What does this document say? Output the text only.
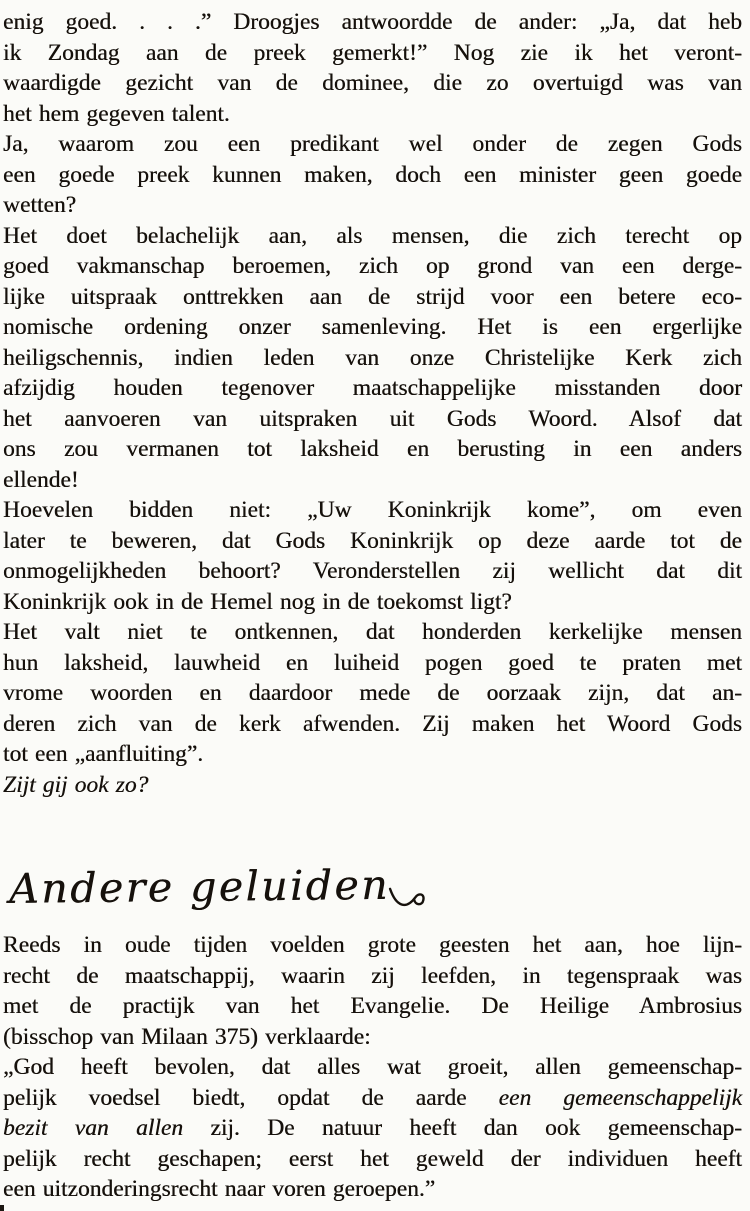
enig goed. . . .” Droogjes antwoordde de ander: „Ja, dat heb
ik Zondag aan de preek gemerkt!” Nog zie ik het veront-
waardigde gezicht van de dominee, die zo overtuigd was van
het hem gegeven talent.

Ja, waarom zou een predikant wel onder de zegen Gods
een goede preek kunnen maken, doch een minister geen goede
wetten?

Het doet belachelijk aan, als mensen, die zich terecht op
goed vakmanschap beroemen, zich op grond van een derge-
lijke uitspraak onttrekken aan de strijd voor een betere eco-
nomische ordening onzer samenleving. Het is een ergerlijke
heiligschennis, indien leden van onze Christelijke Kerk zich
afzijdig houden tegenover maatschappelijke misstanden door
het aanvoeren van uitspraken uit Gods Woord. Alsof dat
ons zou vermanen tot laksheid en berusting in een anders
ellende!

Hoevelen bidden niet: „Uw Koninkrijk kome”, om even
later te beweren, dat Gods Koninkrijk op deze aarde tot de
onmogelijkheden behoort? Veronderstellen zij wellicht dat dit
Koninkrijk ook in de Hemel nog in de toekomst ligt?

Het valt niet te ontkennen, dat honderden kerkelijke mensen
hun laksheid, lauwheid en luiheid pogen goed te praten met
vrome woorden en daardoor mede de oorzaak zijn, dat an-
deren zich van de kerk afwenden. Zij maken het Woord Gods
tot een „aanfluiting”.

Zijt gij ook zo?

Andere geluiden

Reeds in oude tijden voelden grote geesten het aan, hoe lijn-
recht de maatschappij, waarin zij leefden, in tegenspraak was
met de practijk van het Evangelie. De Heilige Ambrosius
(bisschop van Milaan 375) verklaarde:

„God heeft bevolen, dat alles wat groeit, allen gemeenschap-
pelijk voedsel biedt, opdat de aarde een gemeenschappelijk
bezit van allen zij. De natuur heeft dan ook gemeenschap-
pelijk recht geschapen; eerst het geweld der individuen heeft
een uitzonderingsrecht naar voren geroepen.”
